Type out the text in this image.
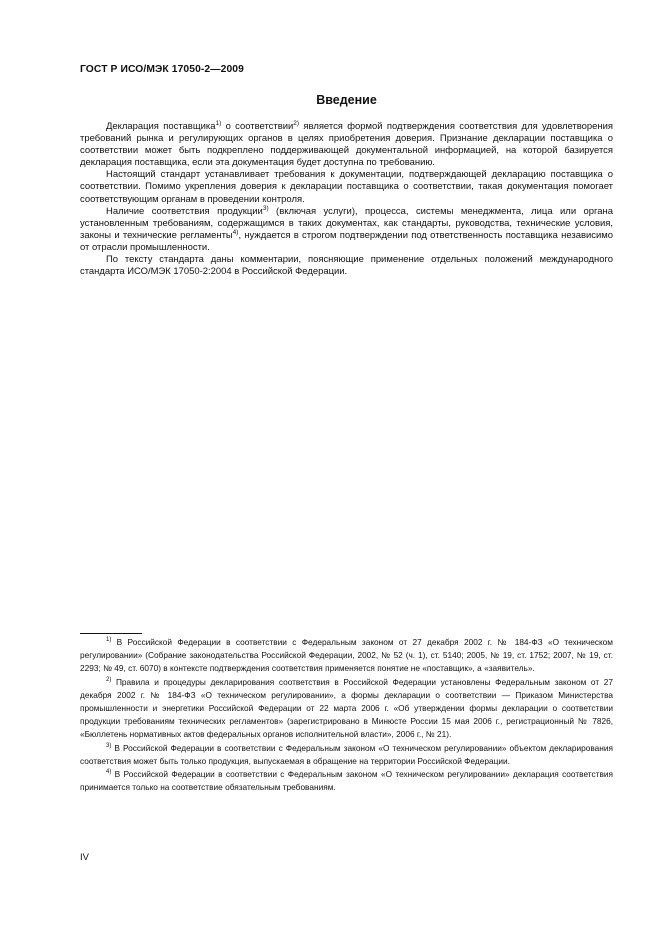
ГОСТ Р ИСО/МЭК 17050-2—2009
Введение

Декларация поставщика$^{1)}$ о соответствии$^{2)}$ является формой подтверждения соответствия для удовлетворения требований рынка и регулирующих органов в целях приобретения доверия. Признание декларации поставщика о соответствии может быть подкреплено поддерживающей документальной информацией, на которой базируется декларация поставщика, если эта документация будет доступна по требованию.

Настоящий стандарт устанавливает требования к документации, подтверждающей декларацию поставщика о соответствии. Помимо укрепления доверия к декларации поставщика о соответствии, такая документация помогает соответствующим органам в проведении контроля.

Наличие соответствия продукции$^{3)}$ (включая услуги), процесса, системы менеджмента, лица или органа установленным требованиям, содержащимся в таких документах, как стандарты, руководства, технические условия, законы и технические регламенты$^{4)}$, нуждается в строгом подтверждении под ответственность поставщика независимо от отрасли промышленности.

По тексту стандарта даны комментарии, поясняющие применение отдельных положений международного стандарта ИСО/МЭК 17050-2:2004 в Российской Федерации.

$^{1)}$ В Российской Федерации в соответствии с Федеральным законом от 27 декабря 2002 г. № 184-ФЗ «О техническом регулировании» (Собрание законодательства Российской Федерации, 2002, № 52 (ч. 1), ст. 5140; 2005, № 19, ст. 1752; 2007, № 19, ст. 2293; № 49, ст. 6070) в контексте подтверждения соответствия применяется понятие не «поставщик», а «заявитель».

$^{2)}$ Правила и процедуры декларирования соответствия в Российской Федерации установлены Федеральным законом от 27 декабря 2002 г. № 184-ФЗ «О техническом регулировании», а формы декларации о соответствии — Приказом Министерства промышленности и энергетики Российской Федерации от 22 марта 2006 г. «Об утверждении формы декларации о соответствии продукции требованиям технических регламентов» (зарегистрировано в Минюсте России 15 мая 2006 г., регистрационный № 7826, «Бюллетень нормативных актов федеральных органов исполнительной власти», 2006 г., № 21).

$^{3)}$ В Российской Федерации в соответствии с Федеральным законом «О техническом регулировании» объектом декларирования соответствия может быть только продукция, выпускаемая в обращение на территории Российской Федерации.

$^{4)}$ В Российской Федерации в соответствии с Федеральным законом «О техническом регулировании» декларация соответствия принимается только на соответствие обязательным требованиям.

IV
